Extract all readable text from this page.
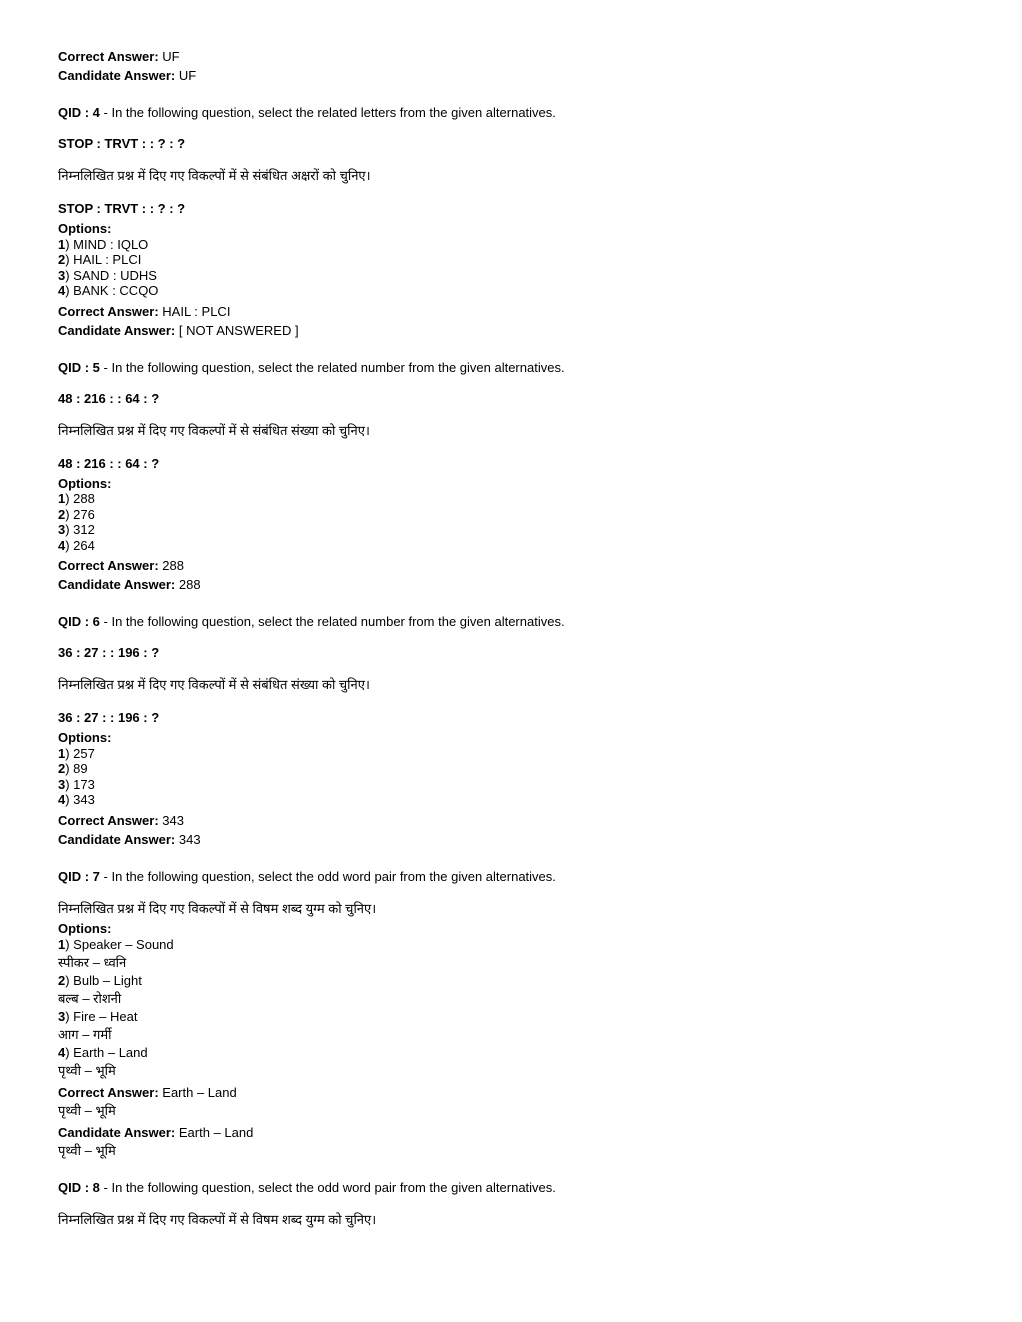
Correct Answer: UF

Candidate Answer: UF

QID : 4 - In the following question, select the related letters from the given alternatives.

STOP : TRVT : : ? : ?

निम्नलिखित प्रश्न में दिए गए विकल्पों में से संबंधित अक्षरों को चुनिए।

STOP : TRVT : : ? : ?

Options:

1) MIND : IQLO

2) HAIL : PLCI

3) SAND : UDHS

4) BANK : CCQO

Correct Answer: HAIL : PLCI

Candidate Answer: [ NOT ANSWERED ]

QID : 5 - In the following question, select the related number from the given alternatives.

48 : 216 : : 64 : ?

निम्नलिखित प्रश्न में दिए गए विकल्पों में से संबंधित संख्या को चुनिए।

48 : 216 : : 64 : ?

Options:

1) 288

2) 276

3) 312

4) 264

Correct Answer: 288

Candidate Answer: 288

QID : 6 - In the following question, select the related number from the given alternatives.

36 : 27 : : 196 : ?

निम्नलिखित प्रश्न में दिए गए विकल्पों में से संबंधित संख्या को चुनिए।

36 : 27 : : 196 : ?

Options:

1) 257

2) 89

3) 173

4) 343

Correct Answer: 343

Candidate Answer: 343

QID : 7 - In the following question, select the odd word pair from the given alternatives.

निम्नलिखित प्रश्न में दिए गए विकल्पों में से विषम शब्द युग्म को चुनिए।

Options:

1) Speaker – Sound

स्पीकर – ध्वनि

2) Bulb – Light

बल्ब – रोशनी

3) Fire – Heat

आग – गर्मी

4) Earth – Land

पृथ्वी – भूमि

Correct Answer: Earth – Land

पृथ्वी – भूमि

Candidate Answer: Earth – Land

पृथ्वी – भूमि

QID : 8 - In the following question, select the odd word pair from the given alternatives.

निम्नलिखित प्रश्न में दिए गए विकल्पों में से विषम शब्द युग्म को चुनिए।
